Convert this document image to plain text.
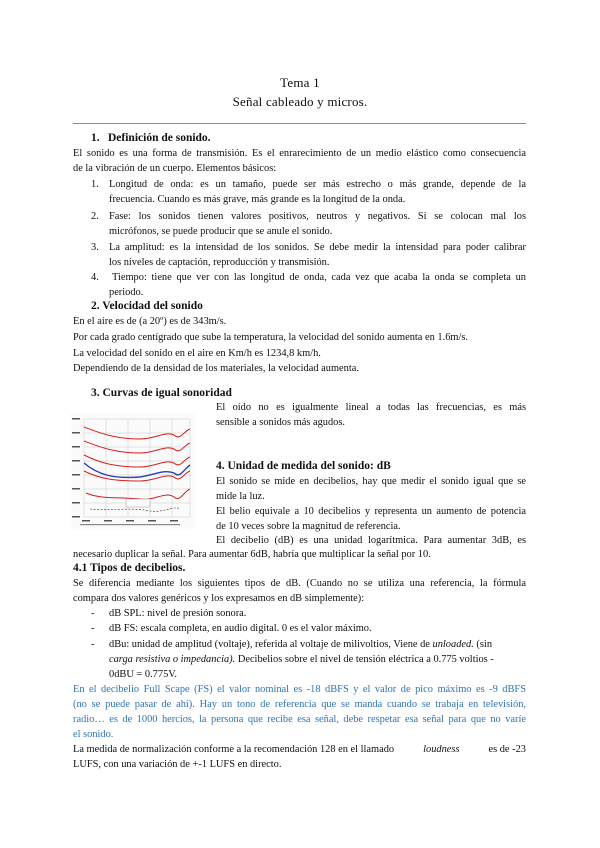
Tema 1
Señal cableado y micros.
1. Definición de sonido.
El sonido es una forma de transmisión. Es el enrarecimiento de un medio elástico como consecuencia
de la vibración de un cuerpo. Elementos básicos:
1. Longitud de onda: es un tamaño, puede ser más estrecho o más grande, depende de la
frecuencia. Cuando es más grave, más grande es la longitud de la onda.
2. Fase: los sonidos tienen valores positivos, neutros y negativos. Si se colocan mal los
micrófonos, se puede producir que se anule el sonido.
3. La amplitud: es la intensidad de los sonidos. Se debe medir la intensidad para poder calibrar
los niveles de captación, reproducción y transmisión.
4. Tiempo: tiene que ver con las longitud de onda, cada vez que acaba la onda se completa un
periodo.
2. Velocidad del sonido
En el aire es de (a 20º) es de 343m/s.
Por cada grado centígrado que sube la temperatura, la velocidad del sonido aumenta en 1.6m/s.
La velocidad del sonido en el aire en Km/h es 1234,8 km/h.
Dependiendo de la densidad de los materiales, la velocidad aumenta.
3. Curvas de igual sonoridad
El oído no es igualmente lineal a todas las frecuencias, es más
sensible a sonidos más agudos.
4. Unidad de medida del sonido: dB
El sonido se mide en decibelios, hay que medir el sonido igual que se
mide la luz.
El belio equivale a 10 decibelios y representa un aumento de potencia
de 10 veces sobre la magnitud de referencia.
El decibelio (dB) es una unidad logarítmica. Para aumentar 3dB, es
necesario duplicar la señal. Para aumentar 6dB, habría que multiplicar la señal por 10.
4.1 Tipos de decibelios.
Se diferencia mediante los siguientes tipos de dB. (Cuando no se utiliza una referencia, la fórmula
compara dos valores genéricos y los expresamos en dB simplemente):
- dB SPL: nivel de presión sonora.
- dB FS: escala completa, en audio digital. 0 es el valor máximo.
- dBu: unidad de amplitud (voltaje), referida al voltaje de milivoltios, Viene de unloaded. (sin
carga resistiva o impedancia). Decibelios sobre el nivel de tensión eléctrica a 0.775 voltios -
0dBU = 0.775V.
En el decibelio Full Scape (FS) el valor nominal es -18 dBFS y el valor de pico máximo es -9 dBFS
(no se puede pasar de ahí). Hay un tono de referencia que se manda cuando se trabaja en televisión,
radio… es de 1000 hercios, la persona que recibe esa señal, debe respetar esa señal para que no varíe
el sonido.
La medida de normalización conforme a la recomendación 128 en el llamado	loudness	es de -23
LUFS, con una variación de +-1 LUFS en directo.
